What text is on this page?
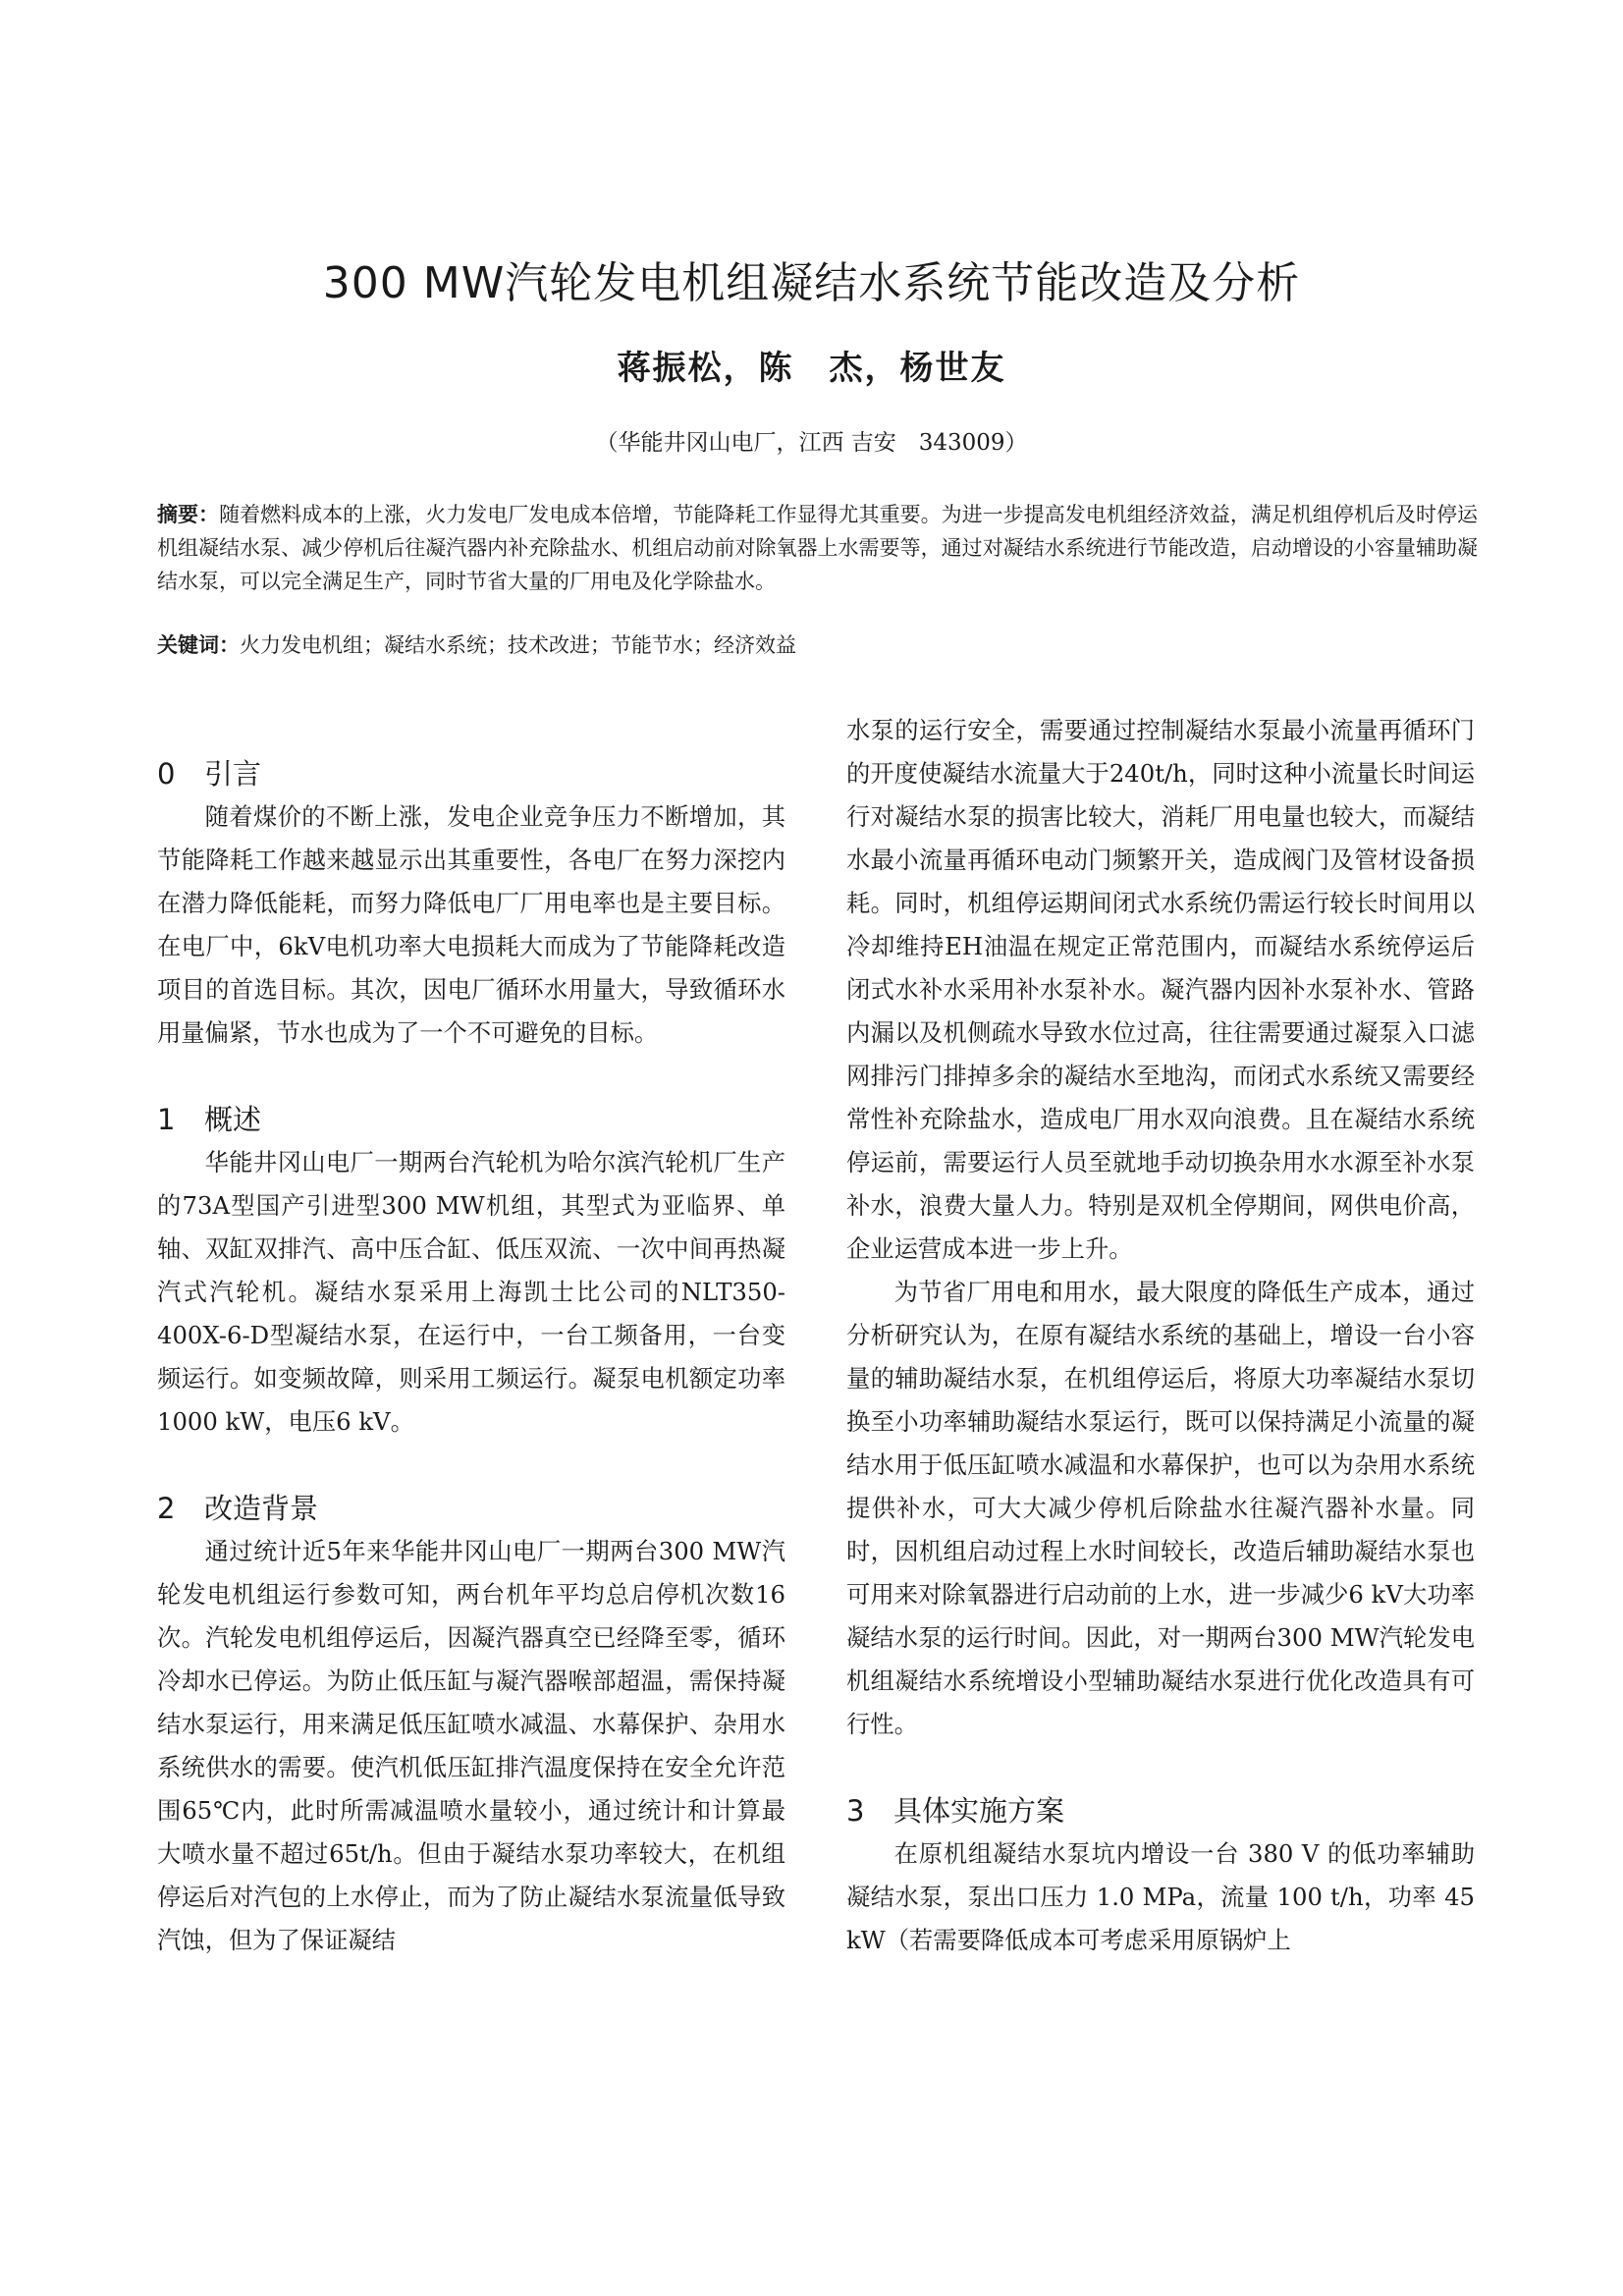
300 MW汽轮发电机组凝结水系统节能改造及分析
蒋振松，陈　杰，杨世友
（华能井冈山电厂，江西 吉安　343009）
摘要：随着燃料成本的上涨，火力发电厂发电成本倍增，节能降耗工作显得尤其重要。为进一步提高发电机组经济效益，满足机组停机后及时停运机组凝结水泵、减少停机后往凝汽器内补充除盐水、机组启动前对除氧器上水需要等，通过对凝结水系统进行节能改造，启动增设的小容量辅助凝结水泵，可以完全满足生产，同时节省大量的厂用电及化学除盐水。
关键词：火力发电机组；凝结水系统；技术改进；节能节水；经济效益
0 引言

随着煤价的不断上涨，发电企业竞争压力不断增加，其节能降耗工作越来越显示出其重要性，各电厂在努力深挖内在潜力降低能耗，而努力降低电厂厂用电率也是主要目标。在电厂中，6kV电机功率大电损耗大而成为了节能降耗改造项目的首选目标。其次，因电厂循环水用量大，导致循环水用量偏紧，节水也成为了一个不可避免的目标。

1 概述

华能井冈山电厂一期两台汽轮机为哈尔滨汽轮机厂生产的73A型国产引进型300 MW机组，其型式为亚临界、单轴、双缸双排汽、高中压合缸、低压双流、一次中间再热凝汽式汽轮机。凝结水泵采用上海凯士比公司的NLT350-400X-6-D型凝结水泵，在运行中，一台工频备用，一台变频运行。如变频故障，则采用工频运行。凝泵电机额定功率1000 kW，电压6 kV。

2 改造背景

通过统计近5年来华能井冈山电厂一期两台300 MW汽轮发电机组运行参数可知，两台机年平均总启停机次数16次。汽轮发电机组停运后，因凝汽器真空已经降至零，循环冷却水已停运。为防止低压缸与凝汽器喉部超温，需保持凝结水泵运行，用来满足低压缸喷水减温、水幕保护、杂用水系统供水的需要。使汽机低压缸排汽温度保持在安全允许范围65℃内，此时所需减温喷水量较小，通过统计和计算最大喷水量不超过65t/h。但由于凝结水泵功率较大，在机组停运后对汽包的上水停止，而为了防止凝结水泵流量低导致汽蚀，但为了保证凝结

水泵的运行安全，需要通过控制凝结水泵最小流量再循环门的开度使凝结水流量大于240t/h，同时这种小流量长时间运行对凝结水泵的损害比较大，消耗厂用电量也较大，而凝结水最小流量再循环电动门频繁开关，造成阀门及管材设备损耗。同时，机组停运期间闭式水系统仍需运行较长时间用以冷却维持EH油温在规定正常范围内，而凝结水系统停运后闭式水补水采用补水泵补水。凝汽器内因补水泵补水、管路内漏以及机侧疏水导致水位过高，往往需要通过凝泵入口滤网排污门排掉多余的凝结水至地沟，而闭式水系统又需要经常性补充除盐水，造成电厂用水双向浪费。且在凝结水系统停运前，需要运行人员至就地手动切换杂用水水源至补水泵补水，浪费大量人力。特别是双机全停期间，网供电价高，企业运营成本进一步上升。

为节省厂用电和用水，最大限度的降低生产成本，通过分析研究认为，在原有凝结水系统的基础上，增设一台小容量的辅助凝结水泵，在机组停运后，将原大功率凝结水泵切换至小功率辅助凝结水泵运行，既可以保持满足小流量的凝结水用于低压缸喷水减温和水幕保护，也可以为杂用水系统提供补水，可大大减少停机后除盐水往凝汽器补水量。同时，因机组启动过程上水时间较长，改造后辅助凝结水泵也可用来对除氧器进行启动前的上水，进一步减少6 kV大功率凝结水泵的运行时间。因此，对一期两台300 MW汽轮发电机组凝结水系统增设小型辅助凝结水泵进行优化改造具有可行性。

3 具体实施方案

在原机组凝结水泵坑内增设一台 380 V 的低功率辅助凝结水泵，泵出口压力 1.0 MPa，流量 100 t/h，功率 45 kW（若需要降低成本可考虑采用原锅炉上
